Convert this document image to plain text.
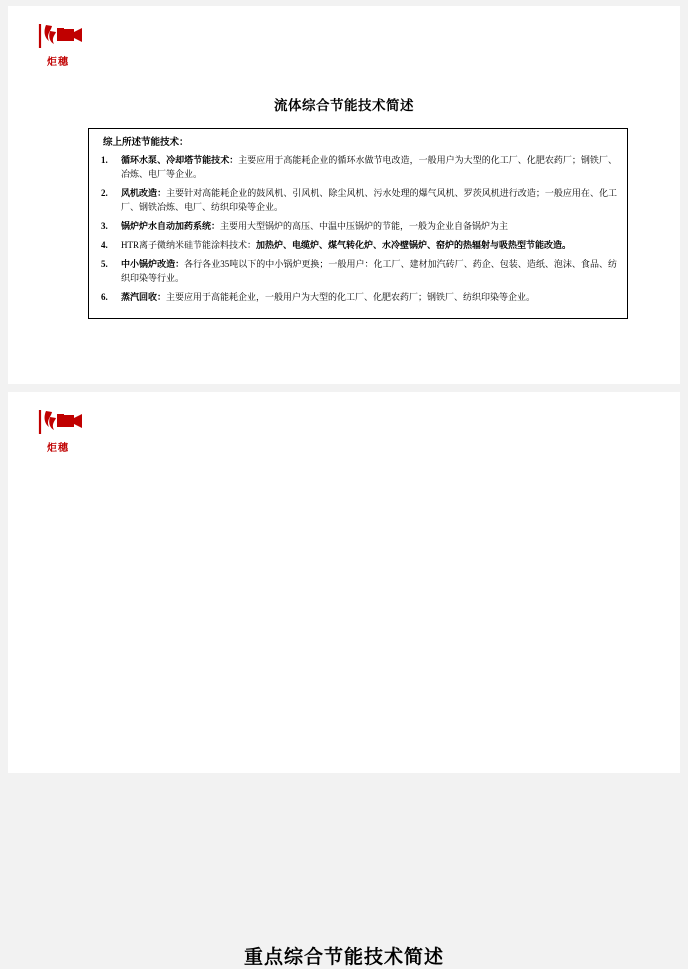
炬穗
流体综合节能技术简述
综上所述节能技术：
1.	循环水泵、冷却塔节能技术：主要应用于高能耗企业的循环水做节电改造，一般用户为大型的化工厂、化肥农药厂；钢铁厂、冶炼、电厂等企业。
2.	风机改造：主要针对高能耗企业的鼓风机、引风机、除尘风机、污水处理的爆气风机、罗茨风机进行改造；一般应用在、化工厂、钢铁冶炼、电厂、纺织印染等企业。
3.	锅炉炉水自动加药系统：主要用大型锅炉的高压、中温中压锅炉的节能，一般为企业自备锅炉为主
4.	HTR离子微纳米硅节能涂料技术：加热炉、电缆炉、煤气转化炉、水冷壁锅炉、窑炉的热辐射与吸热型节能改造。
5.	中小锅炉改造：各行各业35吨以下的中小锅炉更换；一般用户：化工厂、建材加汽砖厂、药企、包装、造纸、泡沫、食品、纺织印染等行业。
6.	蒸汽回收：主要应用于高能耗企业，一般用户为大型的化工厂、化肥农药厂；钢铁厂、纺织印染等企业。
炬穗
重点综合节能技术简述
